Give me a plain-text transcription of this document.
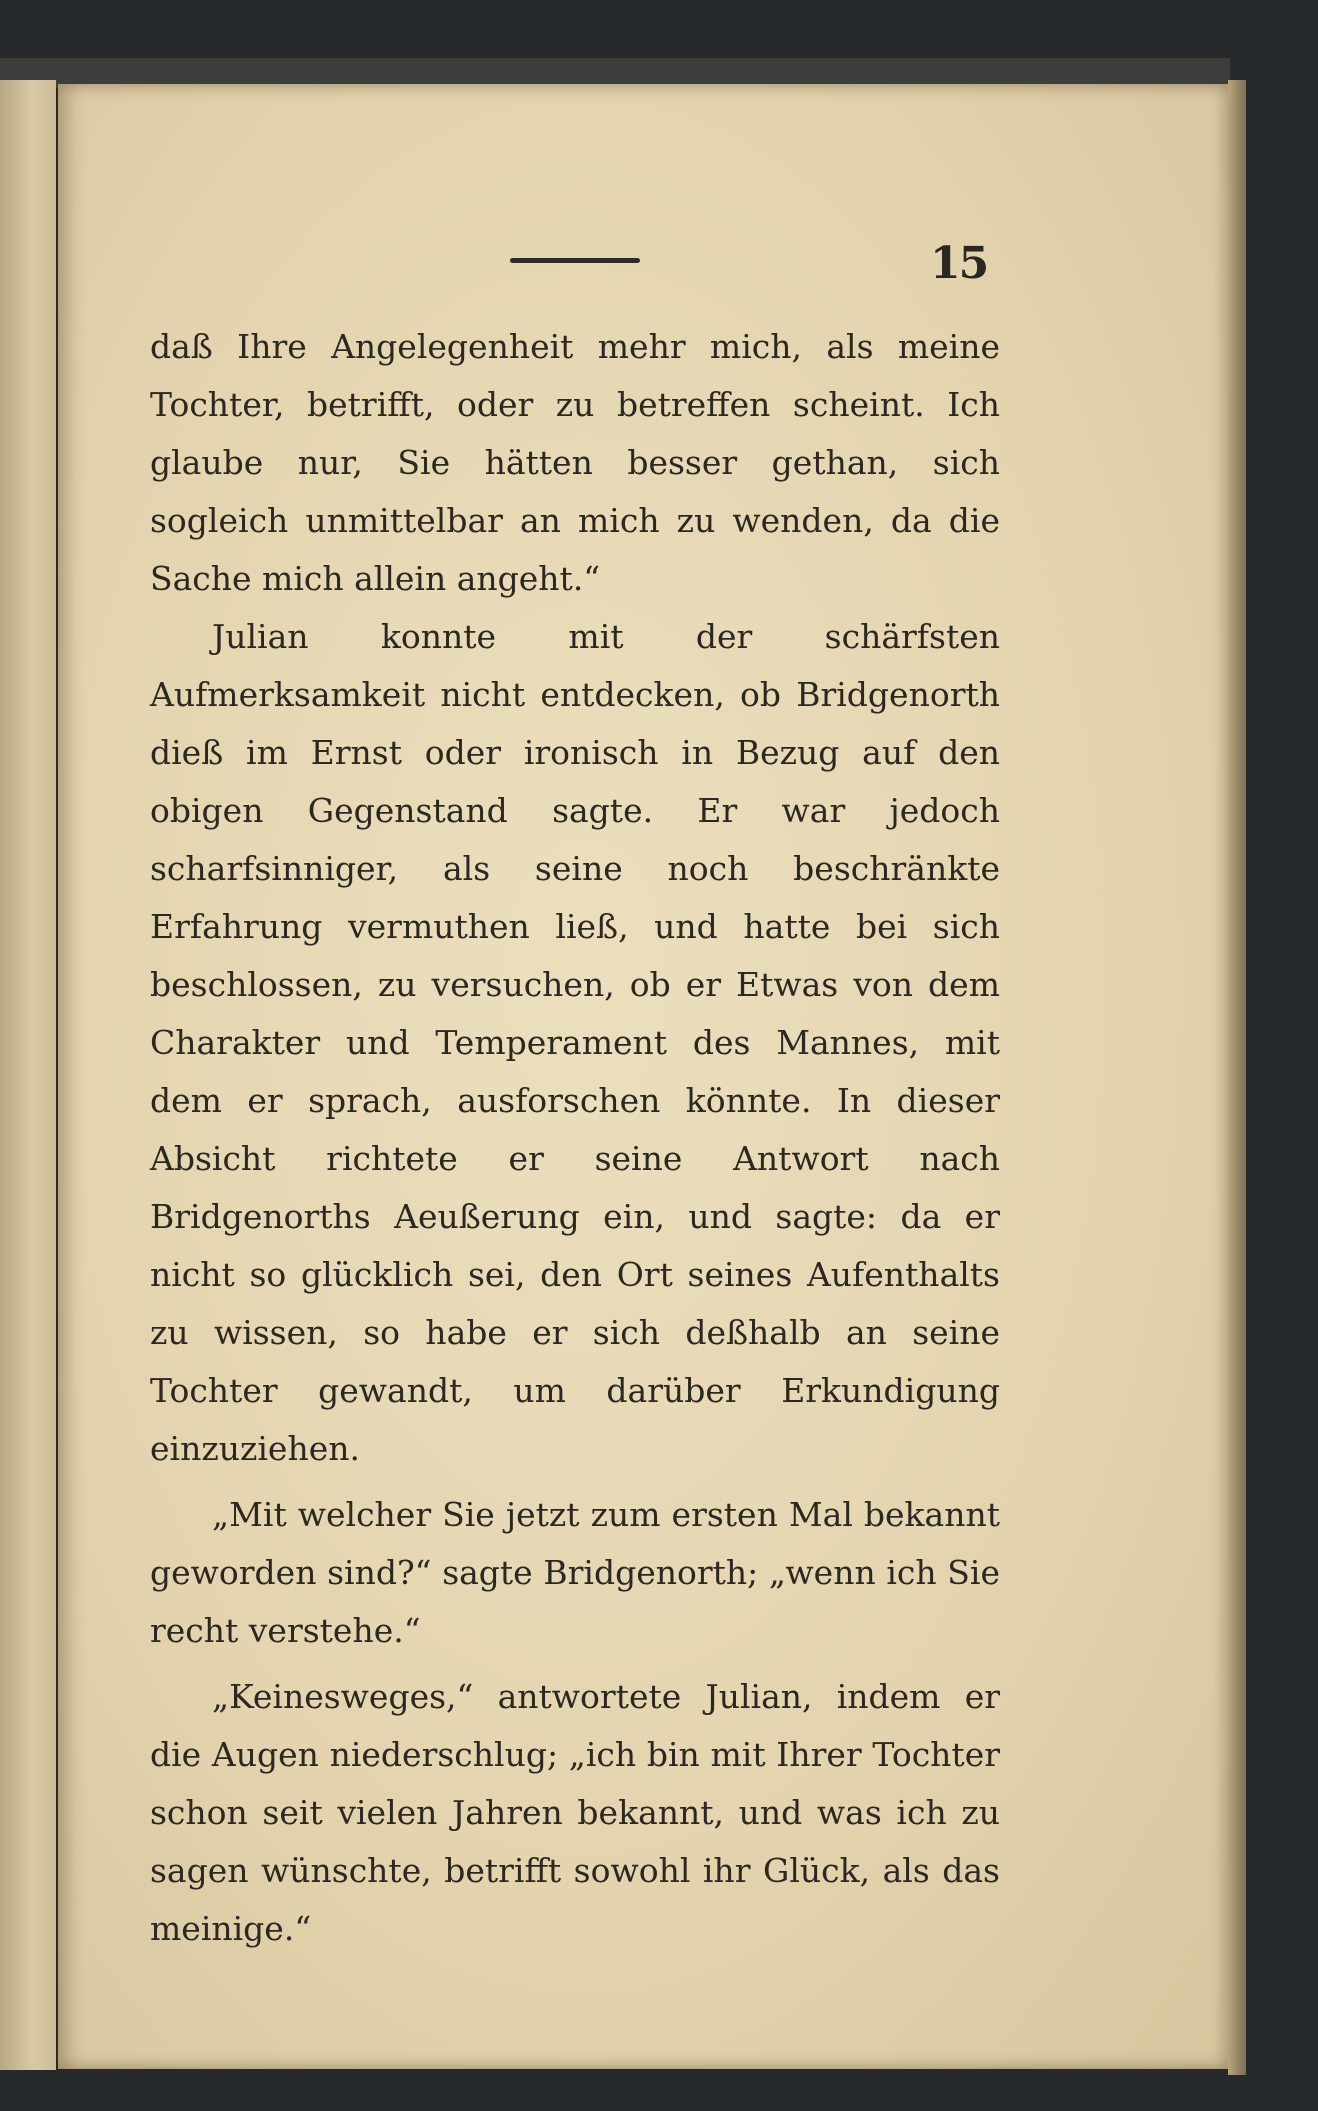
15

daß Ihre Angelegenheit mehr mich, als meine Tochter, betrifft, oder zu betreffen scheint. Ich glaube nur, Sie hätten besser gethan, sich sogleich unmittelbar an mich zu wenden, da die Sache mich allein angeht.“

Julian konnte mit der schärfsten Aufmerksamkeit nicht entdecken, ob Bridgenorth dieß im Ernst oder ironisch in Bezug auf den obigen Gegenstand sagte. Er war jedoch scharfsinniger, als seine noch beschränkte Erfahrung vermuthen ließ, und hatte bei sich beschlossen, zu versuchen, ob er Etwas von dem Charakter und Temperament des Mannes, mit dem er sprach, ausforschen könnte. In dieser Absicht richtete er seine Antwort nach Bridgenorths Aeußerung ein, und sagte: da er nicht so glücklich sei, den Ort seines Aufenthalts zu wissen, so habe er sich deßhalb an seine Tochter gewandt, um darüber Erkundigung einzuziehen.

„Mit welcher Sie jetzt zum ersten Mal bekannt geworden sind?“ sagte Bridgenorth; „wenn ich Sie recht verstehe.“

„Keinesweges,“ antwortete Julian, indem er die Augen niederschlug; „ich bin mit Ihrer Tochter schon seit vielen Jahren bekannt, und was ich zu sagen wünschte, betrifft sowohl ihr Glück, als das meinige.“
